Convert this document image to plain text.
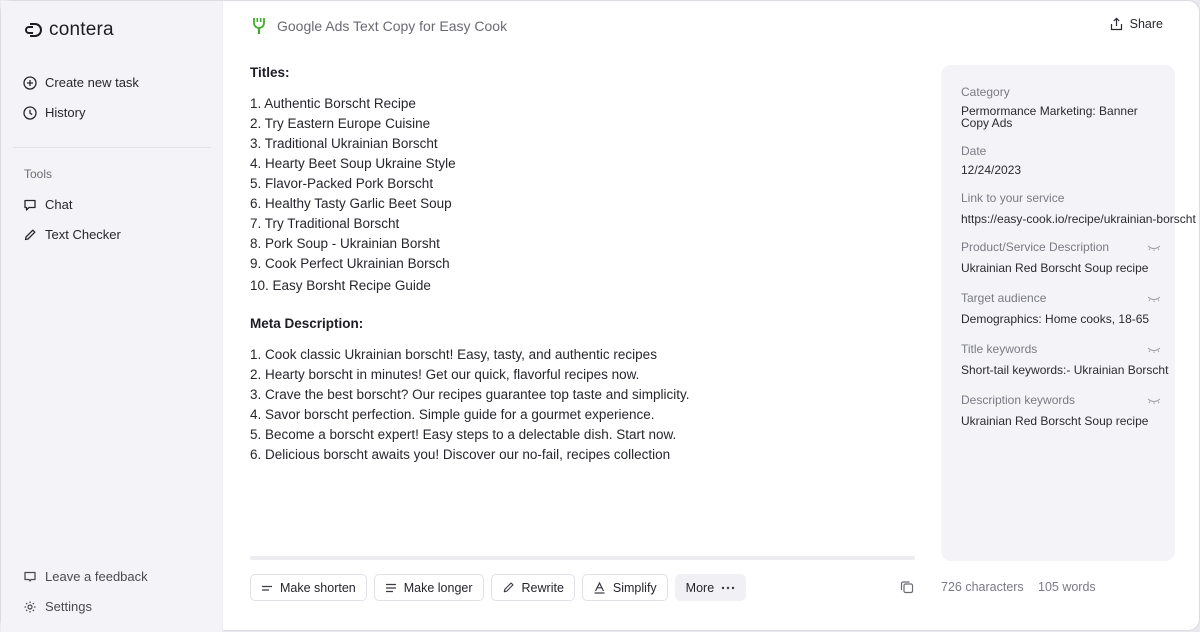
contera
Create new task
History
Tools
Chat
Text Checker
Leave a feedback
Settings
Google Ads Text Copy for Easy Cook	Share
Titles:
1. Authentic Borscht Recipe
2. Try Eastern Europe Cuisine
3. Traditional Ukrainian Borscht
4. Hearty Beet Soup Ukraine Style
5. Flavor-Packed Pork Borscht
6. Healthy Tasty Garlic Beet Soup
7. Try Traditional Borscht
8. Pork Soup - Ukrainian Borsht
9. Cook Perfect Ukrainian Borsch
10. Easy Borsht Recipe Guide
Meta Description:
1. Cook classic Ukrainian borscht! Easy, tasty, and authentic recipes
2. Hearty borscht in minutes! Get our quick, flavorful recipes now.
3. Crave the best borscht? Our recipes guarantee top taste and simplicity.
4. Savor borscht perfection. Simple guide for a gourmet experience.
5. Become a borscht expert! Easy steps to a delectable dish. Start now.
6. Delicious borscht awaits you! Discover our no-fail, recipes collection
Make shorten	Make longer	Rewrite	Simplify More	726 characters 105 words
Category
Permormance Marketing: Banner Copy Ads
Date
12/24/2023
Link to your service
https://easy-cook.io/recipe/ukrainian-borscht
Product/Service Description
Ukrainian Red Borscht Soup recipe
Target audience
Demographics: Home cooks, 18-65
Title keywords
Short-tail keywords:- Ukrainian Borscht
Description keywords
Ukrainian Red Borscht Soup recipe
